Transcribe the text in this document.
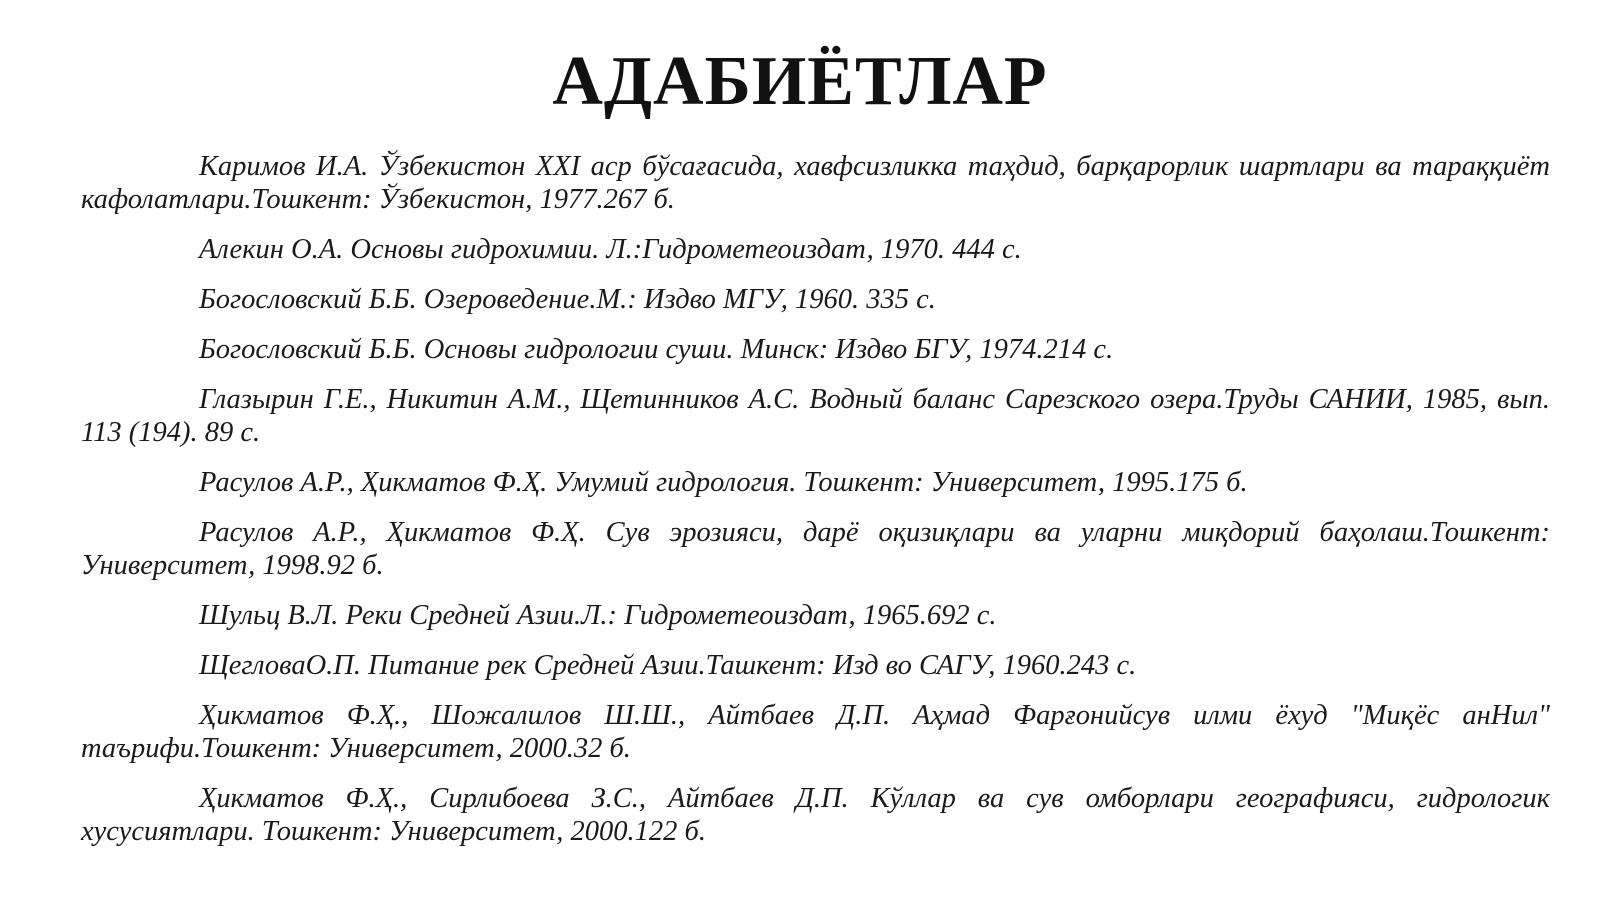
АДАБИЁТЛАР

Каримов И.А. Ўзбекистон XXI аср бўсағасида, хавфсизликка таҳдид, барқарорлик шартлари ва тараққиёт кафолатлари.Тошкент: Ўзбекистон, 1977.267 б.

Алекин О.А. Основы гидрохимии. Л.:Гидрометеоиздат, 1970. 444 с.

Богословский Б.Б. Озероведение.М.: Издво МГУ, 1960. 335 с.

Богословский Б.Б. Основы гидрологии суши. Минск: Издво БГУ, 1974.214 с.

Глазырин Г.Е., Никитин А.М., Щетинников А.С. Водный баланс Сарезского озера.Труды САНИИ, 1985, вып. 113 (194). 89 с.

Расулов А.Р., Ҳикматов Ф.Ҳ. Умумий гидрология. Тошкент: Университет, 1995.175 б.

Расулов А.Р., Ҳикматов Ф.Ҳ. Сув эрозияси, дарё оқизиқлари ва уларни миқдорий баҳолаш.Тошкент: Университет, 1998.92 б.

Шульц В.Л. Реки Средней Азии.Л.: Гидрометеоиздат, 1965.692 с.

ЩегловаО.П. Питание рек Средней Азии.Ташкент: Изд во САГУ, 1960.243 с.

Ҳикматов Ф.Ҳ., Шожалилов Ш.Ш., Айтбаев Д.П. Аҳмад Фарғонийсув илми ёхуд "Миқёс анНил" таърифи.Тошкент: Университет, 2000.32 б.

Ҳикматов Ф.Ҳ., Сирлибоева З.С., Айтбаев Д.П. Кўллар ва сув омборлари географияси, гидрологик хусусиятлари. Тошкент: Университет, 2000.122 б.
